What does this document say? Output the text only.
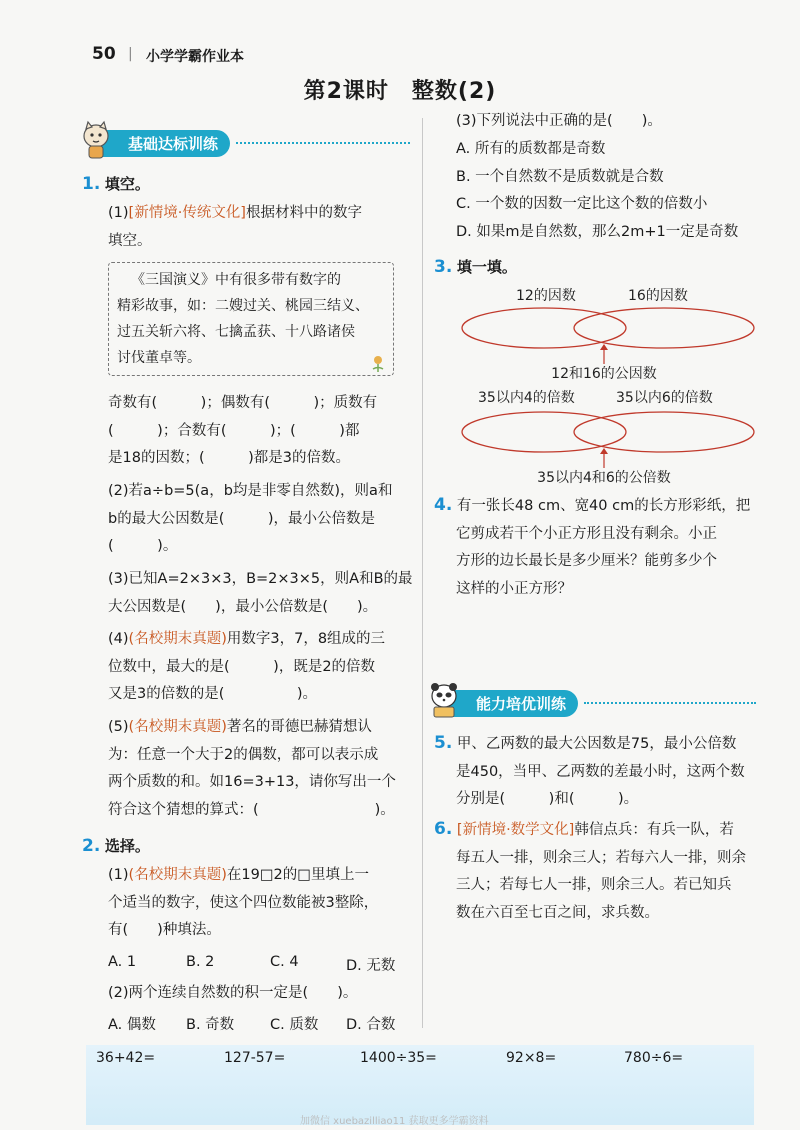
50 | 小学学霸作业本
第2课时　整数(2)
基础达标训练
1. 填空。
(1)[新情境·传统文化]根据材料中的数字
填空。
《三国演义》中有很多带有数字的
精彩故事，如：二嫂过关、桃园三结义、
过五关斩六将、七擒孟获、十八路诸侯
讨伐董卓等。
奇数有(　　　)；偶数有(　　　)；质数有
(　　　)；合数有(　　　)；(　　　)都
是18的因数；(　　　)都是3的倍数。
(2)若a÷b=5(a，b均是非零自然数)，则a和
b的最大公因数是(　　　)，最小公倍数是
(　　　)。
(3)已知A=2×3×3，B=2×3×5，则A和B的最
大公因数是(　　)，最小公倍数是(　　)。
(4)(名校期末真题)用数字3，7，8组成的三
位数中，最大的是(　　　)，既是2的倍数
又是3的倍数的是(　　　　　)。
(5)(名校期末真题)著名的哥德巴赫猜想认
为：任意一个大于2的偶数，都可以表示成
两个质数的和。如16=3+13，请你写出一个
符合这个猜想的算式：(　　　　　　　　)。
2. 选择。
(1)(名校期末真题)在19□2的□里填上一
个适当的数字，使这个四位数能被3整除，
有(　　)种填法。
A. 1	B. 2	C. 4	D. 无数
(2)两个连续自然数的积一定是(　　)。
A. 偶数	B. 奇数	C. 质数	D. 合数
(3)下列说法中正确的是(　　)。
A. 所有的质数都是奇数
B. 一个自然数不是质数就是合数
C. 一个数的因数一定比这个数的倍数小
D. 如果m是自然数，那么2m+1一定是奇数
3. 填一填。
12的因数	16的因数
12和16的公因数
35以内4的倍数	35以内6的倍数
35以内4和6的公倍数
4. 有一张长48 cm、宽40 cm的长方形彩纸，把
它剪成若干个小正方形且没有剩余。小正
方形的边长最长是多少厘米？能剪多少个
这样的小正方形？
能力培优训练
5. 甲、乙两数的最大公因数是75，最小公倍数
是450，当甲、乙两数的差最小时，这两个数
分别是(　　　)和(　　　)。
6. [新情境·数学文化]韩信点兵：有兵一队，若
每五人一排，则余三人；若每六人一排，则余
三人；若每七人一排，则余三人。若已知兵
数在六百至七百之间，求兵数。
36+42=	127-57=	1400÷35=	92×8=	780÷6=
加微信 xuebazilliao11 获取更多学霸资料
